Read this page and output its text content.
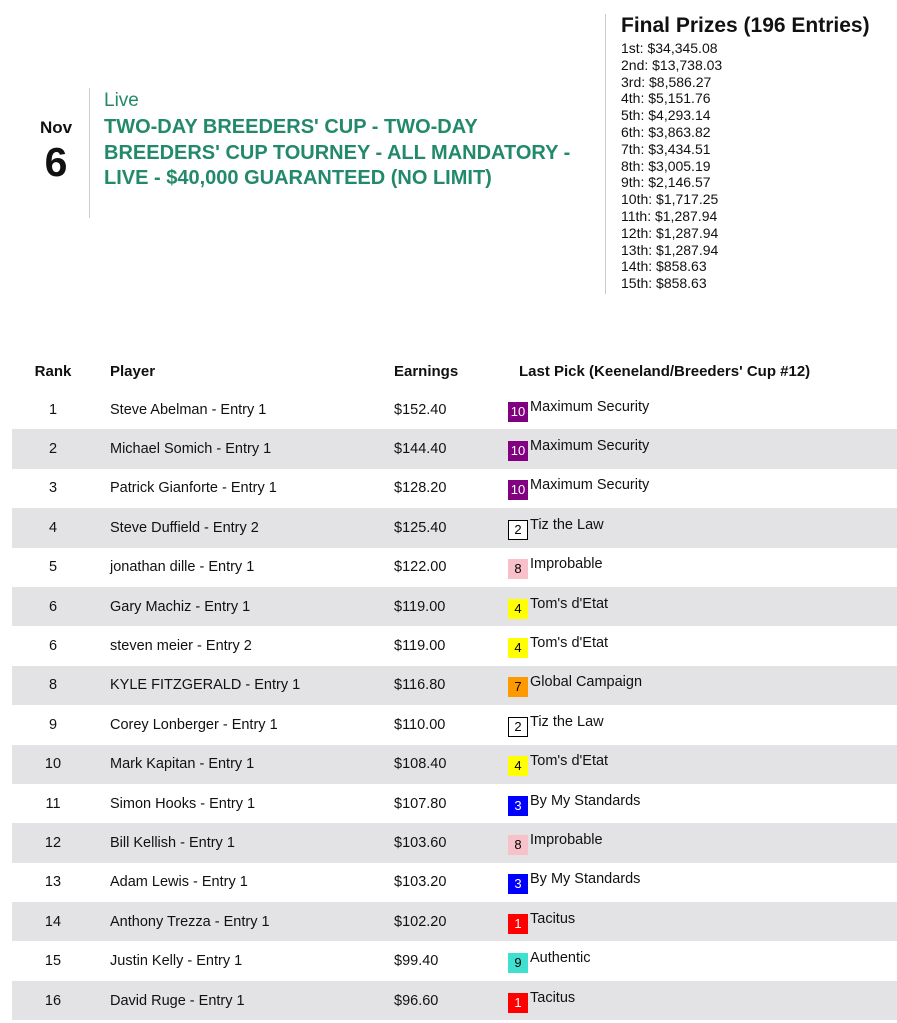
Nov
6
Live
TWO-DAY BREEDERS' CUP - TWO-DAY BREEDERS' CUP TOURNEY - ALL MANDATORY - LIVE - $40,000 GUARANTEED (NO LIMIT)
Final Prizes (196 Entries)
1st: $34,345.08
2nd: $13,738.03
3rd: $8,586.27
4th: $5,151.76
5th: $4,293.14
6th: $3,863.82
7th: $3,434.51
8th: $3,005.19
9th: $2,146.57
10th: $1,717.25
11th: $1,287.94
12th: $1,287.94
13th: $1,287.94
14th: $858.63
15th: $858.63
Rank	Player	Earnings	Last Pick (Keeneland/Breeders' Cup #12)
1	Steve Abelman - Entry 1	$152.40	10 Maximum Security
2	Michael Somich - Entry 1	$144.40	10 Maximum Security
3	Patrick Gianforte - Entry 1	$128.20	10 Maximum Security
4	Steve Duffield - Entry 2	$125.40	2 Tiz the Law
5	jonathan dille - Entry 1	$122.00	8 Improbable
6	Gary Machiz - Entry 1	$119.00	4 Tom's d'Etat
6	steven meier - Entry 2	$119.00	4 Tom's d'Etat
8	KYLE FITZGERALD - Entry 1	$116.80	7 Global Campaign
9	Corey Lonberger - Entry 1	$110.00	2 Tiz the Law
10	Mark Kapitan - Entry 1	$108.40	4 Tom's d'Etat
11	Simon Hooks - Entry 1	$107.80	3 By My Standards
12	Bill Kellish - Entry 1	$103.60	8 Improbable
13	Adam Lewis - Entry 1	$103.20	3 By My Standards
14	Anthony Trezza - Entry 1	$102.20	1 Tacitus
15	Justin Kelly - Entry 1	$99.40	9 Authentic
16	David Ruge - Entry 1	$96.60	1 Tacitus
